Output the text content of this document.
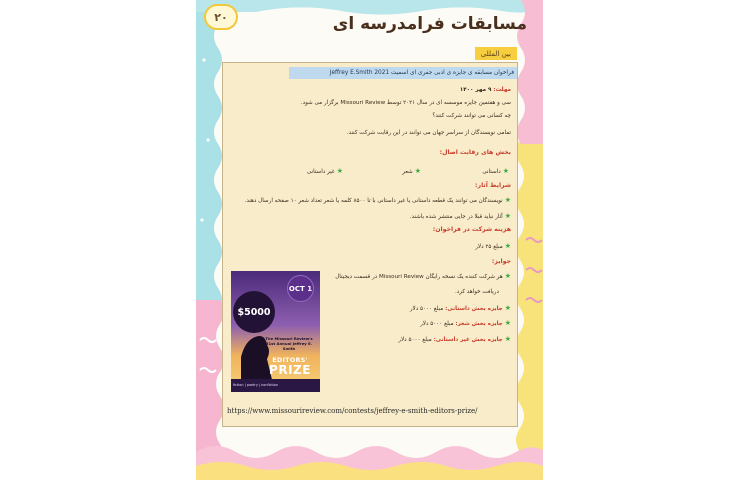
۲۰	مسابقات فرامدرسه ای
بین المللی
فراخوان مسابقه ی جایزه ی ادبی جفری ای اسمیت Jeffrey E.Smith 2021
مهلت: ۹ مهر ۱۴۰۰
سی و هفتمین جایزه موسسه ای در سال ۲۰۲۱ توسط Missouri Review برگزار می شود.
چه کسانی می توانند شرکت کنند؟
تمامی نویسندگان از سراسر جهان می توانند در این رقابت شرکت کنند.
بخش های رقابت اصال:
★داستانی
★شعر
★غیر داستانی
شرایط آثار:
★نویسندگان می توانند یک قطعه داستانی یا غیر داستانی با تا ۸۵۰۰ کلمه یا شعر تعداد شعر ۱۰ صفحه ارسال دهند.
★آثار نباید قبلا در جایی منتشر شده باشند.
هزینه شرکت در فراخوان:
★مبلغ ۲۵ دلار
جوایز:
★هر شرکت کننده یک نسخه رایگان Missouri Review در قسمت دیجیتال
دریافت خواهد کرد.
★جایزه بخش داستانی: مبلغ ۵۰۰۰ دلار
★جایزه بخش شعر: مبلغ ۵۰۰۰ دلار
★جایزه بخش غیر داستانی: مبلغ ۵۰۰۰ دلار
OCT 1
$5000
The Missouri Review's 31st Annual Jeffrey E. Smith
EDITORS'
PRIZE
fiction | poetry | nonfiction
https://www.missourireview.com/contests/jeffrey-e-smith-editors-prize/
